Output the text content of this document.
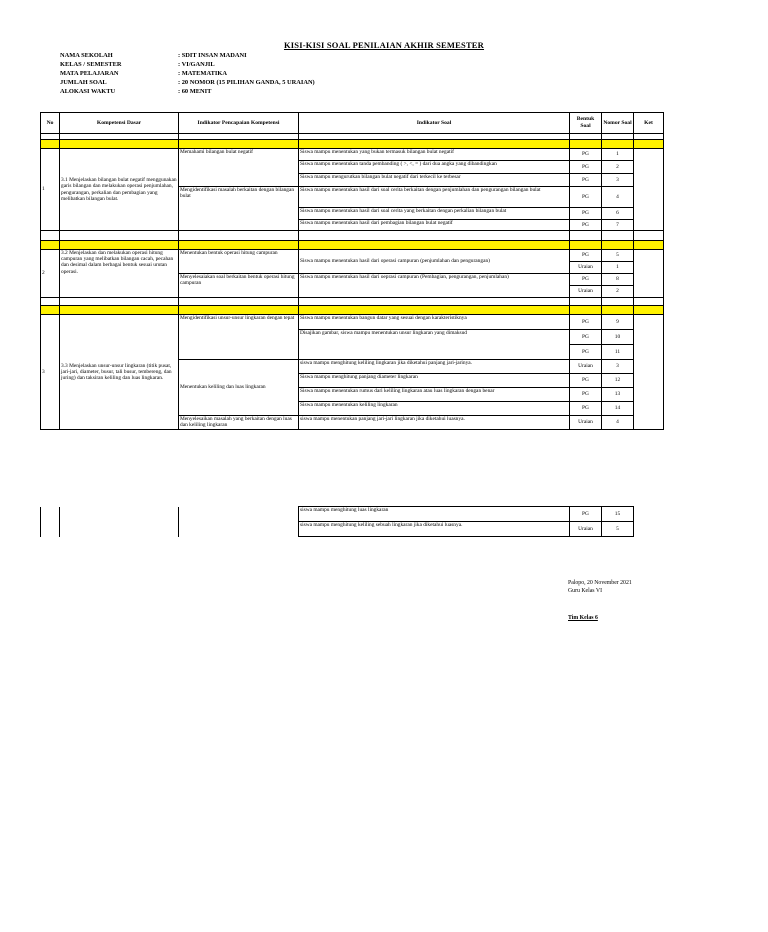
KISI-KISI SOAL PENILAIAN AKHIR SEMESTER
NAMA SEKOLAH	: SDIT INSAN MADANI
KELAS / SEMESTER	: VI/GANJIL
MATA PELAJARAN	: MATEMATIKA
JUMLAH SOAL	: 20 NOMOR (15 PILIHAN GANDA, 5 URAIAN)
ALOKASI WAKTU	: 60 MENIT
No	Kompetensi Dasar	Indikator Pencapaian Kompetensi	Indikator Soal	Bentuk Soal	Nomor Soal	Ket

1	3.1 Menjelaskan bilangan bulat negatif menggunakan garis bilangan dan melakukan operasi penjumlahan, pengurangan, perkalian dan pembagian yang melibatkan bilangan bulat.	Memahami bilangan bulat negatif	Siswa mampu menentukan yang bukan termasuk bilangan bulat negatif	PG	1	
			Siswa mampu menentukan tanda pembanding ( >, <, = ) dari dua angka yang dibandingkan	PG	2	
			Siswa mampu mengurutkan bilangan bulat negatif dari terkecil ke terbesar	PG	3	
		Mengidentifikasi masalah berkaitan dengan bilangan bulat	Siswa mampu menentukan hasil dari soal cerita berkaitan dengan penjumlahan dan pengurangan bilangan bulat	PG	4	
			Siswa mampu menentukan hasil dari soal cerita yang berkaitan dengan perkalian bilangan bulat	PG	6	
			Siswa mampu menentukan hasil dari pembagian bilangan bulat negatif	PG	7	

2	3.2 Menjelaskan dan melakukan operasi hitung campuran yang melibatkan bilangan cacah, pecahan dan desimal dalam berbagai bentuk sesuai urutan operasi.	Menentukan bentuk operasi hitung campuran	Siswa mampu menentukan hasil dari operasi campuran (penjumlahan dan pengurangan)	PG	5	
				Uraian	1	
		Menyelesaiakan soal berkaitan bentuk operasi hitung campuran	Siswa mampu menentukan hasil dari oeprasi campuran (Pembagian, pengurangan, penjumlahan)	PG	8	
				Uraian	2	

3	3.3 Menjelaskan unsur-unsur lingkaran (titik pusat, jari-jari, diameter, busur, tali busur, tembereng, dan juring) dan taksiran keliling dan luas lingkaran.	Mengidentifikasi unsur-unsur lingkaran dengan tepat	Siswa mampu menentukan bangun datar yang sesuai dengan karakteristiknya	PG	9	
			Disajikan gambar, siswa mampu menentukan unsur lingkaran yang dimaksud	PG	10	
				PG	11	
		Menentukan keliling dan luas lingkaran	siswa mampu menghitung keliling lingkaran jika diketahui panjang jari-jarinya.	Uraian	3	
			Siswa mampu menghitung panjang diameter lingkaran	PG	12	
			Siswa mampu menentukan rumus dari keliling lingkaran atau luas lingkaran dengan benar	PG	13	
			Siswa mampu menentukan keliling lingkaran	PG	14	
		Menyelesaikan masalah yang berkaitan dengan luas dan keliling lingkaran	siswa mampu menentukan panjang jari-jari lingkaran jika diketahui luasnya.	Uraian	4	
			siswa mampu menghitung luas lingkaran	PG	15	
			siswa mampu menghitung keliling sebuah lingkaran jika diketahui luasnya.	Uraian	5	
Palopo, 20 November 2021
Guru Kelas VI
Tim Kelas 6
